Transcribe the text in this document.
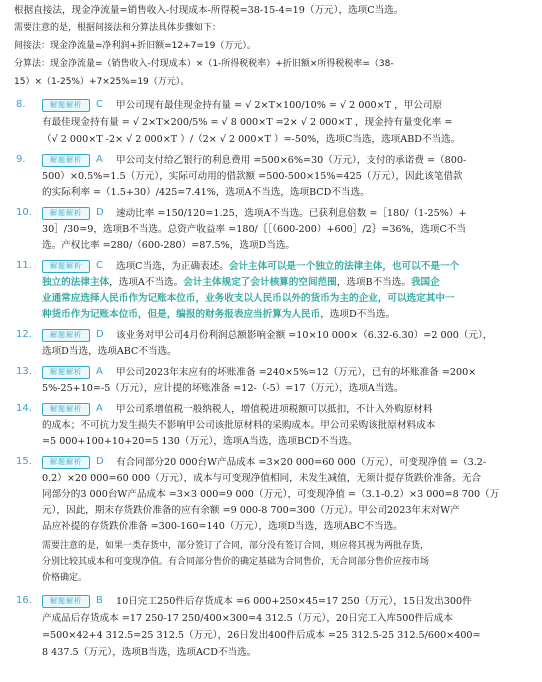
根据直接法，现金净流量=销售收入-付现成本-所得税=38-15-4=19（万元），选项C当选。
需要注意的是，根据间接法和分算法具体步骤如下：
间接法：现金净流量=净利润+折旧额=12+7=19（万元）。
分算法：现金净流量=（销售收入-付现成本）×（1-所得税税率）+折旧额×所得税税率=（38-
15）×（1-25%）+7×25%=19（万元）。
8.	解题解析	C 甲公司现有最佳现金持有量 = √ 2×T×100/10% = √ 2 000×T ，甲公司原
有最佳现金持有量 = √ 2×T×200/5% = √ 8 000×T =2× √ 2 000×T ，现金持有量变化率 =
（√ 2 000×T -2× √ 2 000×T ）/（2× √ 2 000×T ）=-50%，选项C当选，选项ABD不当选。
9.	解题解析	A 甲公司支付给乙银行的利息费用 =500×6%=30（万元），支付的承诺费 =（800-
500）×0.5%=1.5（万元），实际可动用的借款额 =500-500×15%=425（万元），因此该笔借款
的实际利率 =（1.5+30）/425=7.41%，选项A不当选，选项BCD不当选。
10.	解题解析	D 速动比率 =150/120=1.25，选项A不当选。已获利息倍数 =［180/（1-25%）+
30］/30=9，选项B不当选。总资产收益率 =180/｛［（600-200）+600］/2｝=36%，选项C不当
选。产权比率 =280/（600-280）=87.5%，选项D当选。
11.	解题解析	C 选项C当选，为正确表述。会计主体可以是一个独立的法律主体，也可以不是一个
独立的法律主体，选项A不当选。会计主体规定了会计核算的空间范围，选项B不当选。我国企
业通常应选择人民币作为记账本位币，业务收支以人民币以外的货币为主的企业，可以选定其中一
种货币作为记账本位币，但是，编报的财务报表应当折算为人民币，选项D不当选。
12.	解题解析	D 该业务对甲公司4月份利润总额影响金额 =10×10 000×（6.32-6.30）=2 000（元），
选项D当选，选项ABC不当选。
13.	解题解析	A 甲公司2023年末应有的坏账准备 =240×5%=12（万元），已有的坏账准备 =200×
5%-25+10=-5（万元），应计提的坏账准备 =12-（-5）=17（万元），选项A当选。
14.	解题解析	A 甲公司系增值税一般纳税人，增值税进项税额可以抵扣，不计入外购原材料
的成本；不可抗力发生损失不影响甲公司该批原材料的采购成本。甲公司采购该批原材料成本
=5 000+100+10+20=5 130（万元），选项A当选，选项BCD不当选。
15.	解题解析	D 有合同部分20 000台W产品成本 =3×20 000=60 000（万元），可变现净值 =（3.2-
0.2）×20 000=60 000（万元），成本与可变现净值相同，未发生减值，无须计提存货跌价准备。无合
同部分的3 000台W产品成本 =3×3 000=9 000（万元），可变现净值 =（3.1-0.2）×3 000=8 700（万
元），因此，期末存货跌价准备的应有余额 =9 000-8 700=300（万元）。甲公司2023年末对W产
品应补提的存货跌价准备 =300-160=140（万元），选项D当选，选项ABC不当选。
需要注意的是，如果一类存货中，部分签订了合同，部分没有签订合同，则应将其视为两批存货，
分别比较其成本和可变现净值。有合同部分售价的确定基础为合同售价，无合同部分售价应按市场
价格确定。
16.	解题解析	B 10日完工250件后存货成本 =6 000+250×45=17 250（万元），15日发出300件
产成品后存货成本 =17 250-17 250/400×300=4 312.5（万元），20日完工入库500件后成本
=500×42+4 312.5=25 312.5（万元），26日发出400件后成本 =25 312.5-25 312.5/600×400=
8 437.5（万元），选项B当选，选项ACD不当选。
